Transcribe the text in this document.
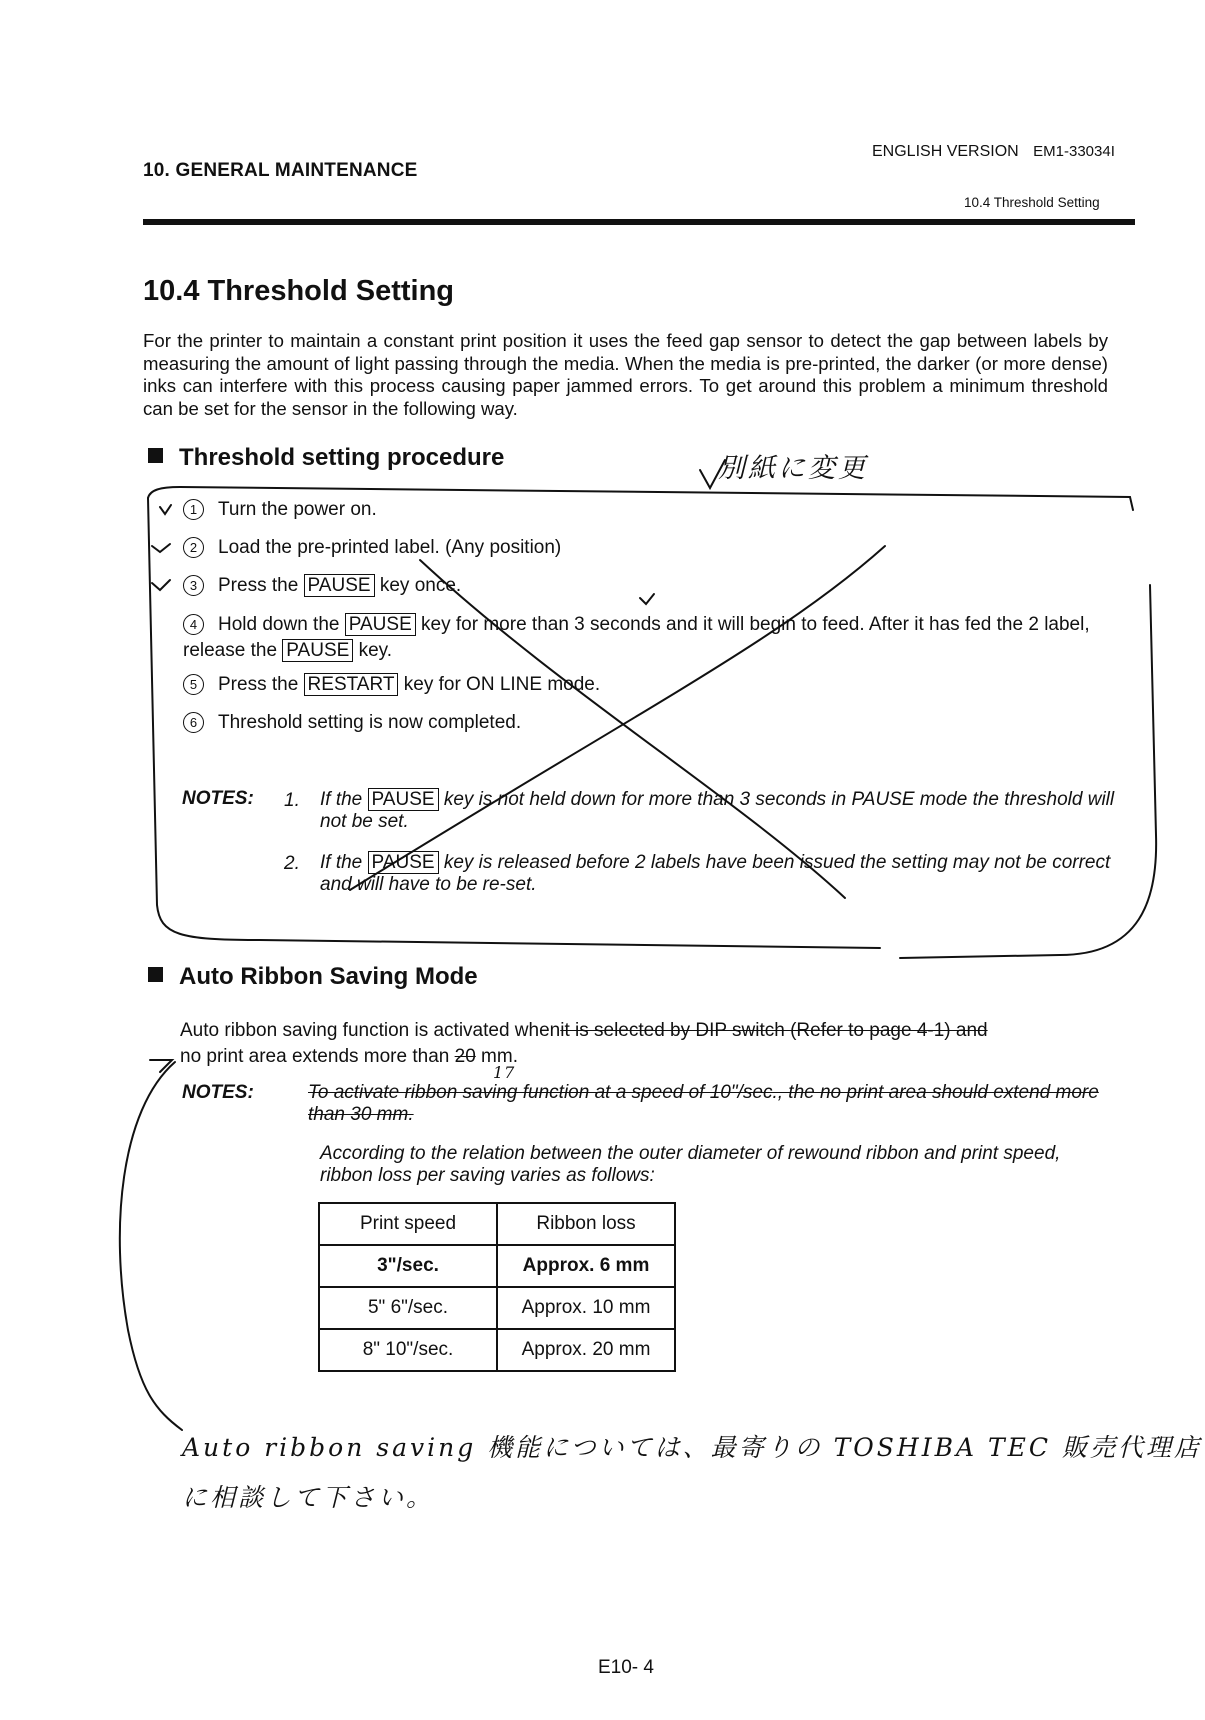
10. GENERAL MAINTENANCE
ENGLISH VERSION EM1-33034I
10.4 Threshold Setting
10.4 Threshold Setting
For the printer to maintain a constant print position it uses the feed gap sensor to detect the gap between labels by measuring the amount of light passing through the media. When the media is pre-printed, the darker (or more dense) inks can interfere with this process causing paper jammed errors. To get around this problem a minimum threshold can be set for the sensor in the following way.
Threshold setting procedure	別紙に変更
1 Turn the power on.
2 Load the pre-printed label. (Any position)
3 Press the PAUSE key once.
4 Hold down the PAUSE key for more than 3 seconds and it will begin to feed. After it has fed the 2 label, release the PAUSE key.
5 Press the RESTART key for ON LINE mode.
6 Threshold setting is now completed.
NOTES: 1. If the PAUSE key is not held down for more than 3 seconds in PAUSE mode the threshold will not be set.
2. If the PAUSE key is released before 2 labels have been issued the setting may not be correct and will have to be re-set.
Auto Ribbon Saving Mode
Auto ribbon saving function is activated whenit is selected by DIP switch (Refer to page 4-1) and
no print area extends more than 20 mm.
17
NOTES:	To activate ribbon saving function at a speed of 10"/sec., the no print area should extend more than 30 mm.
According to the relation between the outer diameter of rewound ribbon and print speed, ribbon loss per saving varies as follows:
Print speed	Ribbon loss
3"/sec.	Approx. 6 mm
5" 6"/sec.	Approx. 10 mm
8" 10"/sec.	Approx. 20 mm
Auto ribbon saving 機能については、最寄りの TOSHIBA TEC 販売代理店
に相談して下さい。
E10- 4
